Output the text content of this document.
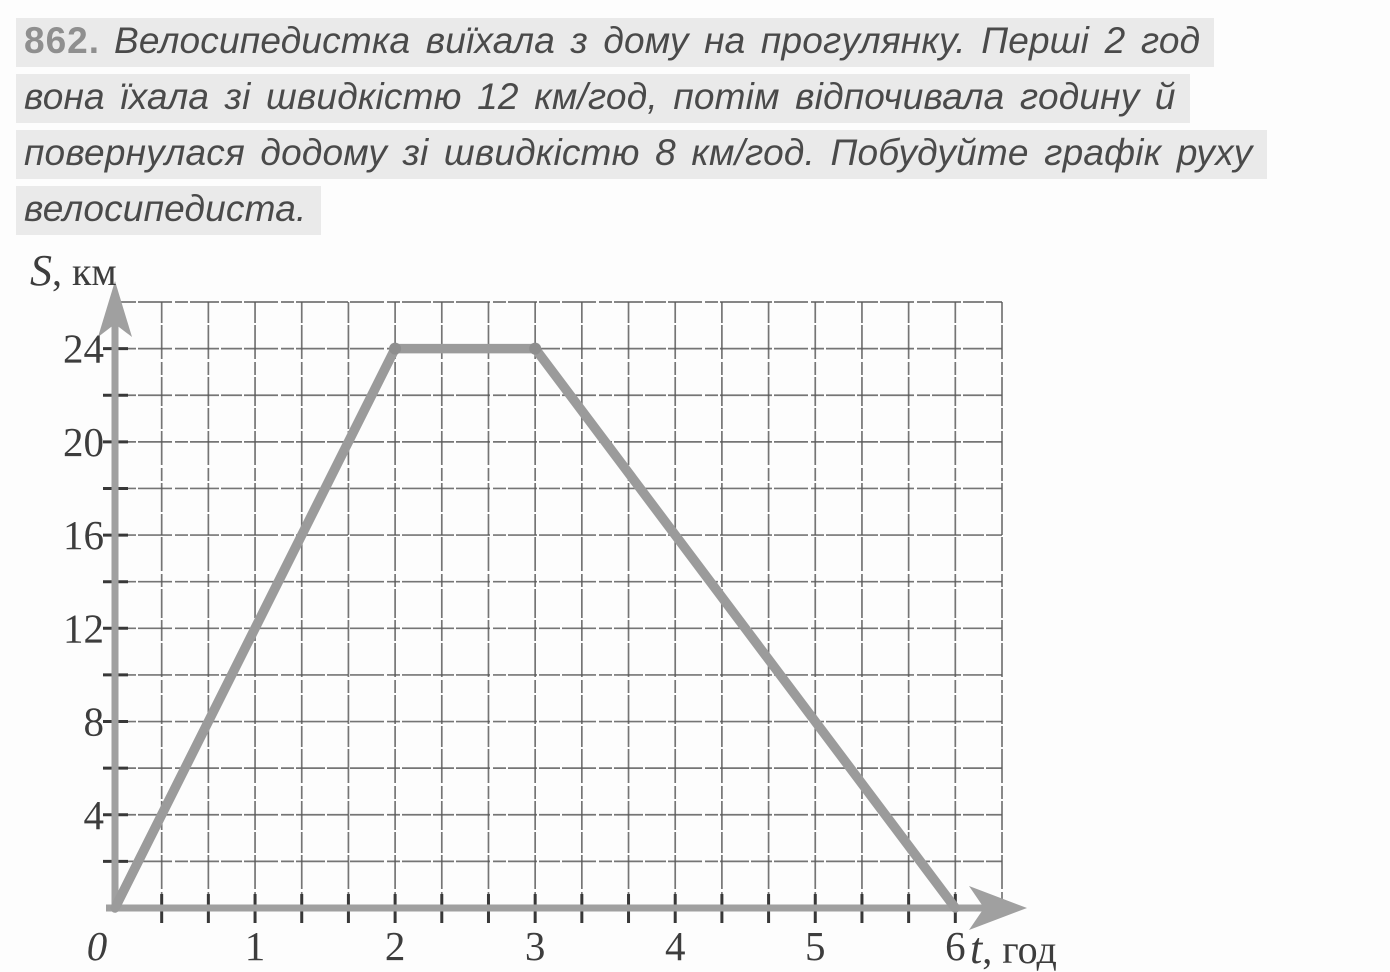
862. Велосипедистка виїхала з дому на прогулянку. Перші 2 год
вона їхала зі швидкістю 12 км/год, потім відпочивала годину й
повернулася додому зі швидкістю 8 км/год. Побудуйте графік руху
велосипедиста.
0	1	2	3	4	5	6
4
8
12
16
20
24
S, км
t, год
